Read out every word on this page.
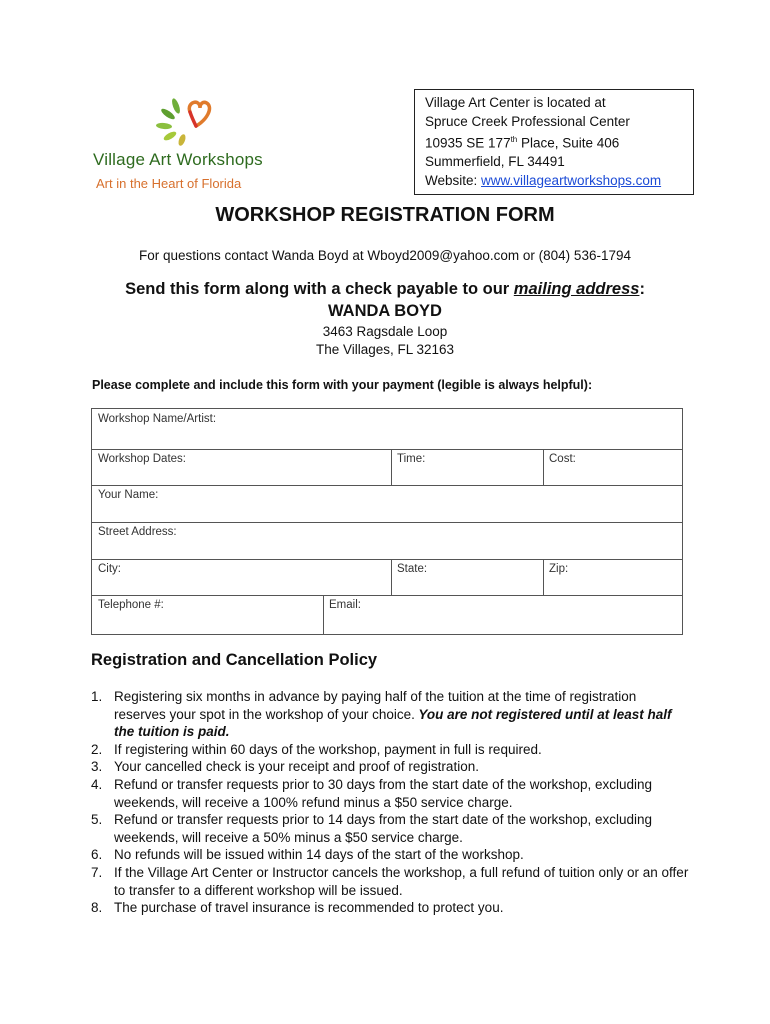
Village Art Workshops
Art in the Heart of Florida
Village Art Center is located at
Spruce Creek Professional Center
10935 SE 177th Place, Suite 406
Summerfield, FL 34491
Website: www.villageartworkshops.com
WORKSHOP REGISTRATION FORM
For questions contact Wanda Boyd at Wboyd2009@yahoo.com or (804) 536-1794
Send this form along with a check payable to our mailing address:
WANDA BOYD
3463 Ragsdale Loop
The Villages, FL 32163
Please complete and include this form with your payment (legible is always helpful):
Workshop Name/Artist:
Workshop Dates:	Time:	Cost:
Your Name:
Street Address:
City:	State:	Zip:
Telephone #:	Email:
Registration and Cancellation Policy
1. Registering six months in advance by paying half of the tuition at the time of registration reserves your spot in the workshop of your choice. You are not registered until at least half the tuition is paid.
2. If registering within 60 days of the workshop, payment in full is required.
3. Your cancelled check is your receipt and proof of registration.
4. Refund or transfer requests prior to 30 days from the start date of the workshop, excluding weekends, will receive a 100% refund minus a $50 service charge.
5. Refund or transfer requests prior to 14 days from the start date of the workshop, excluding weekends, will receive a 50% minus a $50 service charge.
6. No refunds will be issued within 14 days of the start of the workshop.
7. If the Village Art Center or Instructor cancels the workshop, a full refund of tuition only or an offer to transfer to a different workshop will be issued.
8. The purchase of travel insurance is recommended to protect you.
